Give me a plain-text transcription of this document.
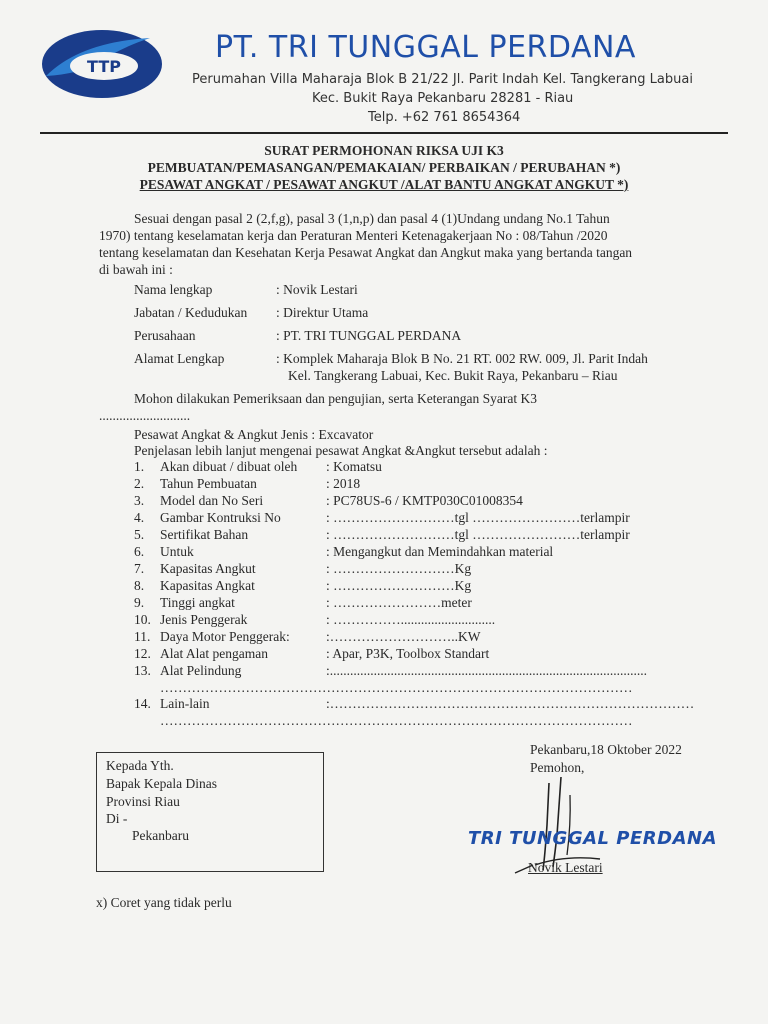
TTP
PT. TRI TUNGGAL PERDANA
Perumahan Villa Maharaja Blok B 21/22 Jl. Parit Indah Kel. Tangkerang Labuai
Kec. Bukit Raya Pekanbaru 28281 - Riau
Telp. +62 761 8654364
SURAT PERMOHONAN RIKSA UJI K3
PEMBUATAN/PEMASANGAN/PEMAKAIAN/ PERBAIKAN / PERUBAHAN *)
PESAWAT ANGKAT / PESAWAT ANGKUT /ALAT BANTU ANGKAT ANGKUT *)
Sesuai dengan pasal 2 (2,f,g), pasal 3 (1,n,p) dan pasal 4 (1)Undang undang No.1 Tahun
1970) tentang keselamatan kerja dan Peraturan Menteri Ketenagakerjaan No : 08/Tahun /2020
tentang keselamatan dan Kesehatan Kerja Pesawat Angkat dan Angkut maka yang bertanda tangan
di bawah ini :
Nama lengkap	: Novik Lestari
Jabatan / Kedudukan : Direktur Utama
Perusahaan	: PT. TRI TUNGGAL PERDANA
Alamat Lengkap	: Komplek Maharaja Blok B No. 21 RT. 002 RW. 009, Jl. Parit Indah
Kel. Tangkerang Labuai, Kec. Bukit Raya, Pekanbaru – Riau
Mohon dilakukan Pemeriksaan dan pengujian, serta Keterangan Syarat K3
...........................
Pesawat Angkat & Angkut Jenis : Excavator
Penjelasan lebih lanjut mengenai pesawat Angkat &Angkut tersebut adalah :
1. Akan dibuat / dibuat oleh : Komatsu
2. Tahun Pembuatan	: 2018
3. Model dan No Seri	: PC78US-6 / KMTP030C01008354
4. Gambar Kontruksi No	: ………………………tgl ……………………terlampir
5. Sertifikat Bahan	: ………………………tgl ……………………terlampir
6. Untuk	: Mengangkut dan Memindahkan material
7. Kapasitas Angkut	: ………………………Kg
8. Kapasitas Angkat	: ………………………Kg
9. Tinggi angkat	: ……………………meter
10. Jenis Penggerak	: ……………............................
11. Daya Motor Penggerak:	:………………………..KW
12. Alat Alat pengaman	: Apar, P3K, Toolbox Standart
13. Alat Pelindung	:..............................................................................................
……………………………………………………………………………………………
14. Lain-lain	:………………………………………………………………………
……………………………………………………………………………………………
Pekanbaru,18 Oktober 2022
Pemohon,
TRI TUNGGAL PERDANA
Novik Lestari
Kepada Yth.
Bapak Kepala Dinas
Provinsi Riau
Di -
Pekanbaru
x) Coret yang tidak perlu
